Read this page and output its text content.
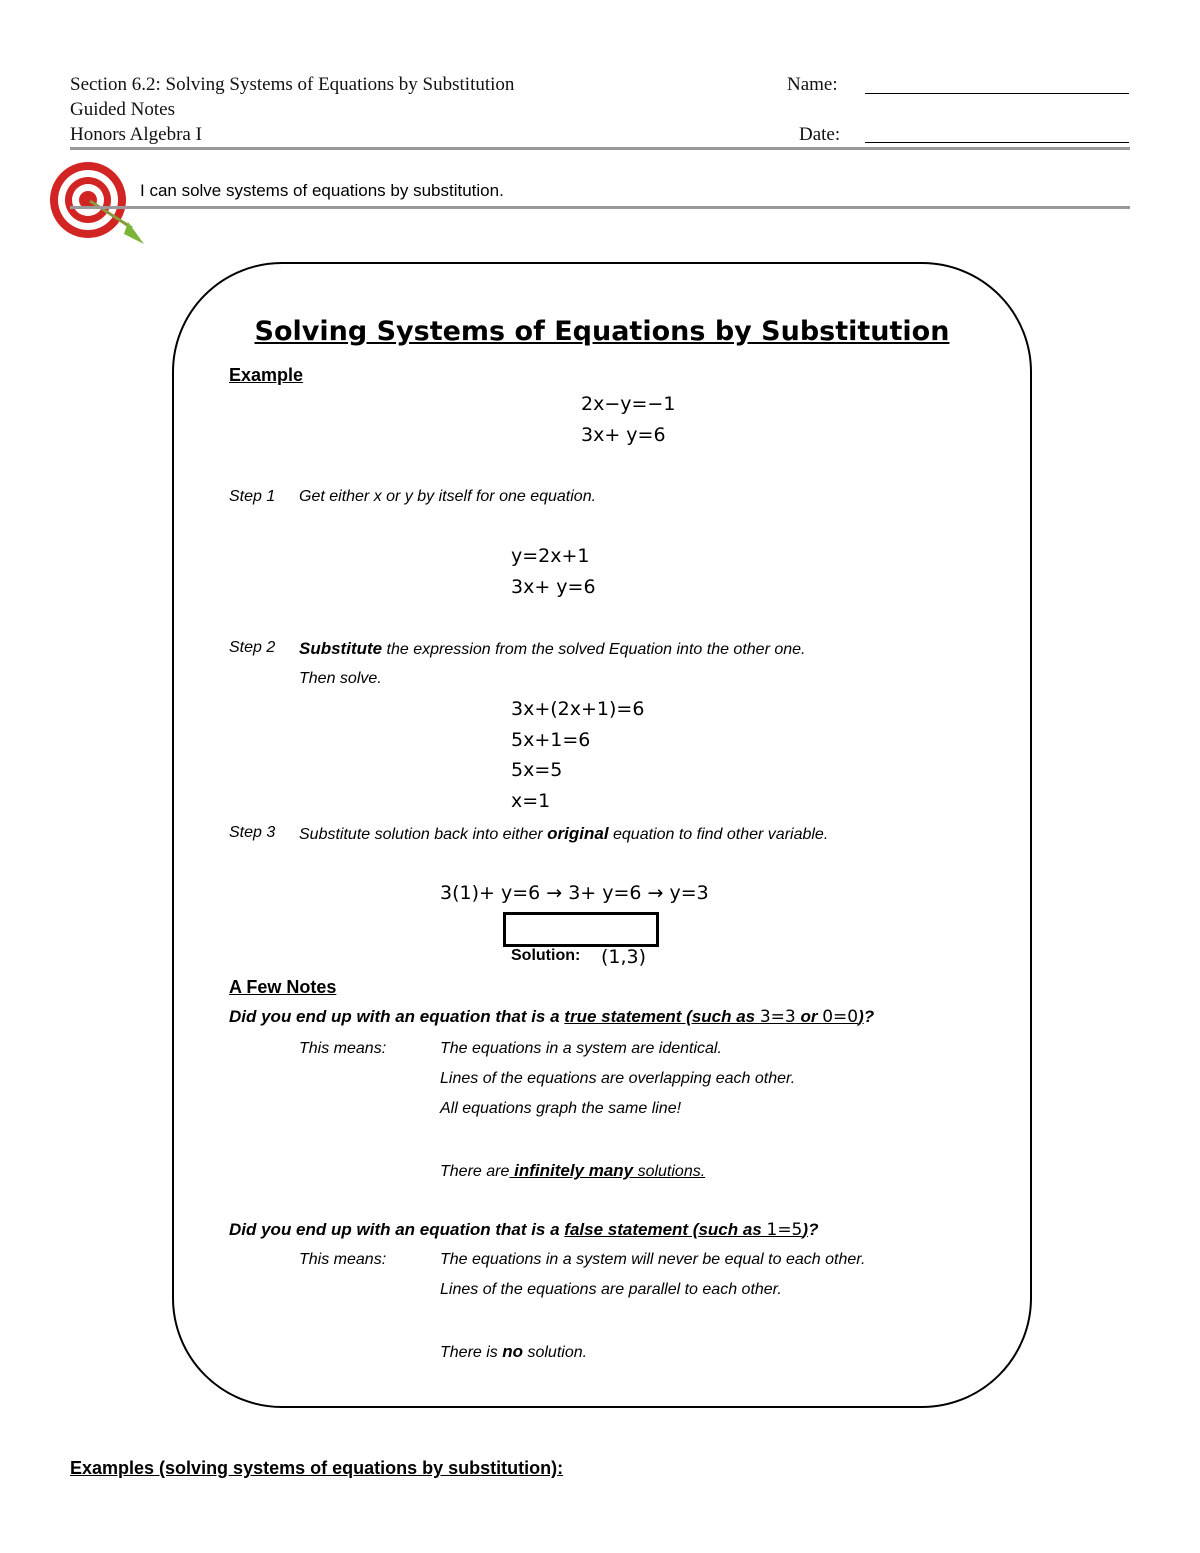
Section 6.2: Solving Systems of Equations by Substitution
Guided Notes
Honors Algebra I
Name:
Date:
I can solve systems of equations by substitution.
Solving Systems of Equations by Substitution
Example
2x−y=−1
3x+ y=6
Step 1 Get either x or y by itself for one equation.
y=2x+1
3x+ y=6
Step 2 Substitute the expression from the solved Equation into the other one.
Then solve.
3x+(2x+1)=6
5x+1=6
5x=5
x=1
Step 3 Substitute solution back into either original equation to find other variable.
3(1)+ y=6 → 3+ y=6 → y=3
Solution: (1,3)
A Few Notes
Did you end up with an equation that is a true statement (such as 3=3 or 0=0)?
This means:	The equations in a system are identical.
Lines of the equations are overlapping each other.
All equations graph the same line!
There are infinitely many solutions.
Did you end up with an equation that is a false statement (such as 1=5)?
This means:	The equations in a system will never be equal to each other.
Lines of the equations are parallel to each other.
There is no solution.
Examples (solving systems of equations by substitution):
